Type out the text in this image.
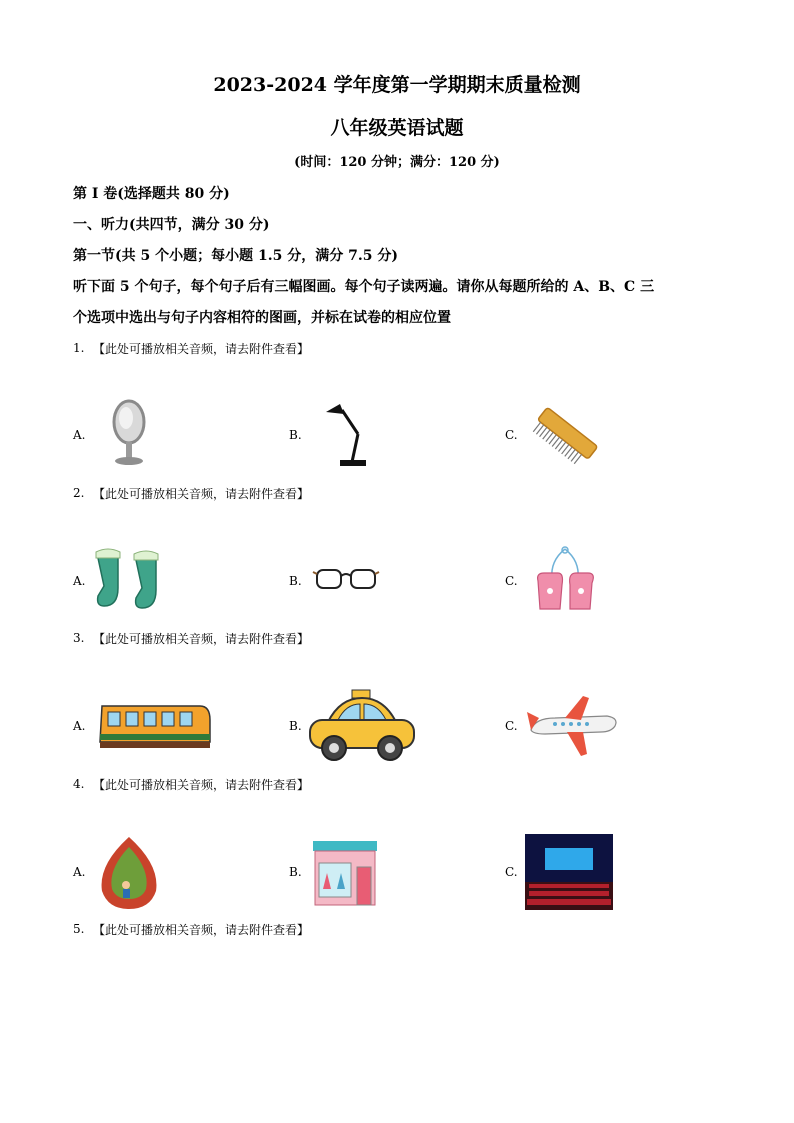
2023-2024 学年度第一学期期末质量检测
八年级英语试题
(时间：120 分钟；满分：120 分)
第 Ⅰ 卷(选择题共 80 分)
一、听力(共四节，满分 30 分)
第一节(共 5 个小题；每小题 1.5 分，满分 7.5 分)
听下面 5 个句子，每个句子后有三幅图画。每个句子读两遍。请你从每题所给的 A、B、C 三
个选项中选出与句子内容相符的图画，并标在试卷的相应位置
1. 【此处可播放相关音频，请去附件查看】
A.	B.	C.
2. 【此处可播放相关音频，请去附件查看】
A.	B.	C.
3. 【此处可播放相关音频，请去附件查看】
A.	B.	C.
4. 【此处可播放相关音频，请去附件查看】
A.	B.	C.
5. 【此处可播放相关音频，请去附件查看】
